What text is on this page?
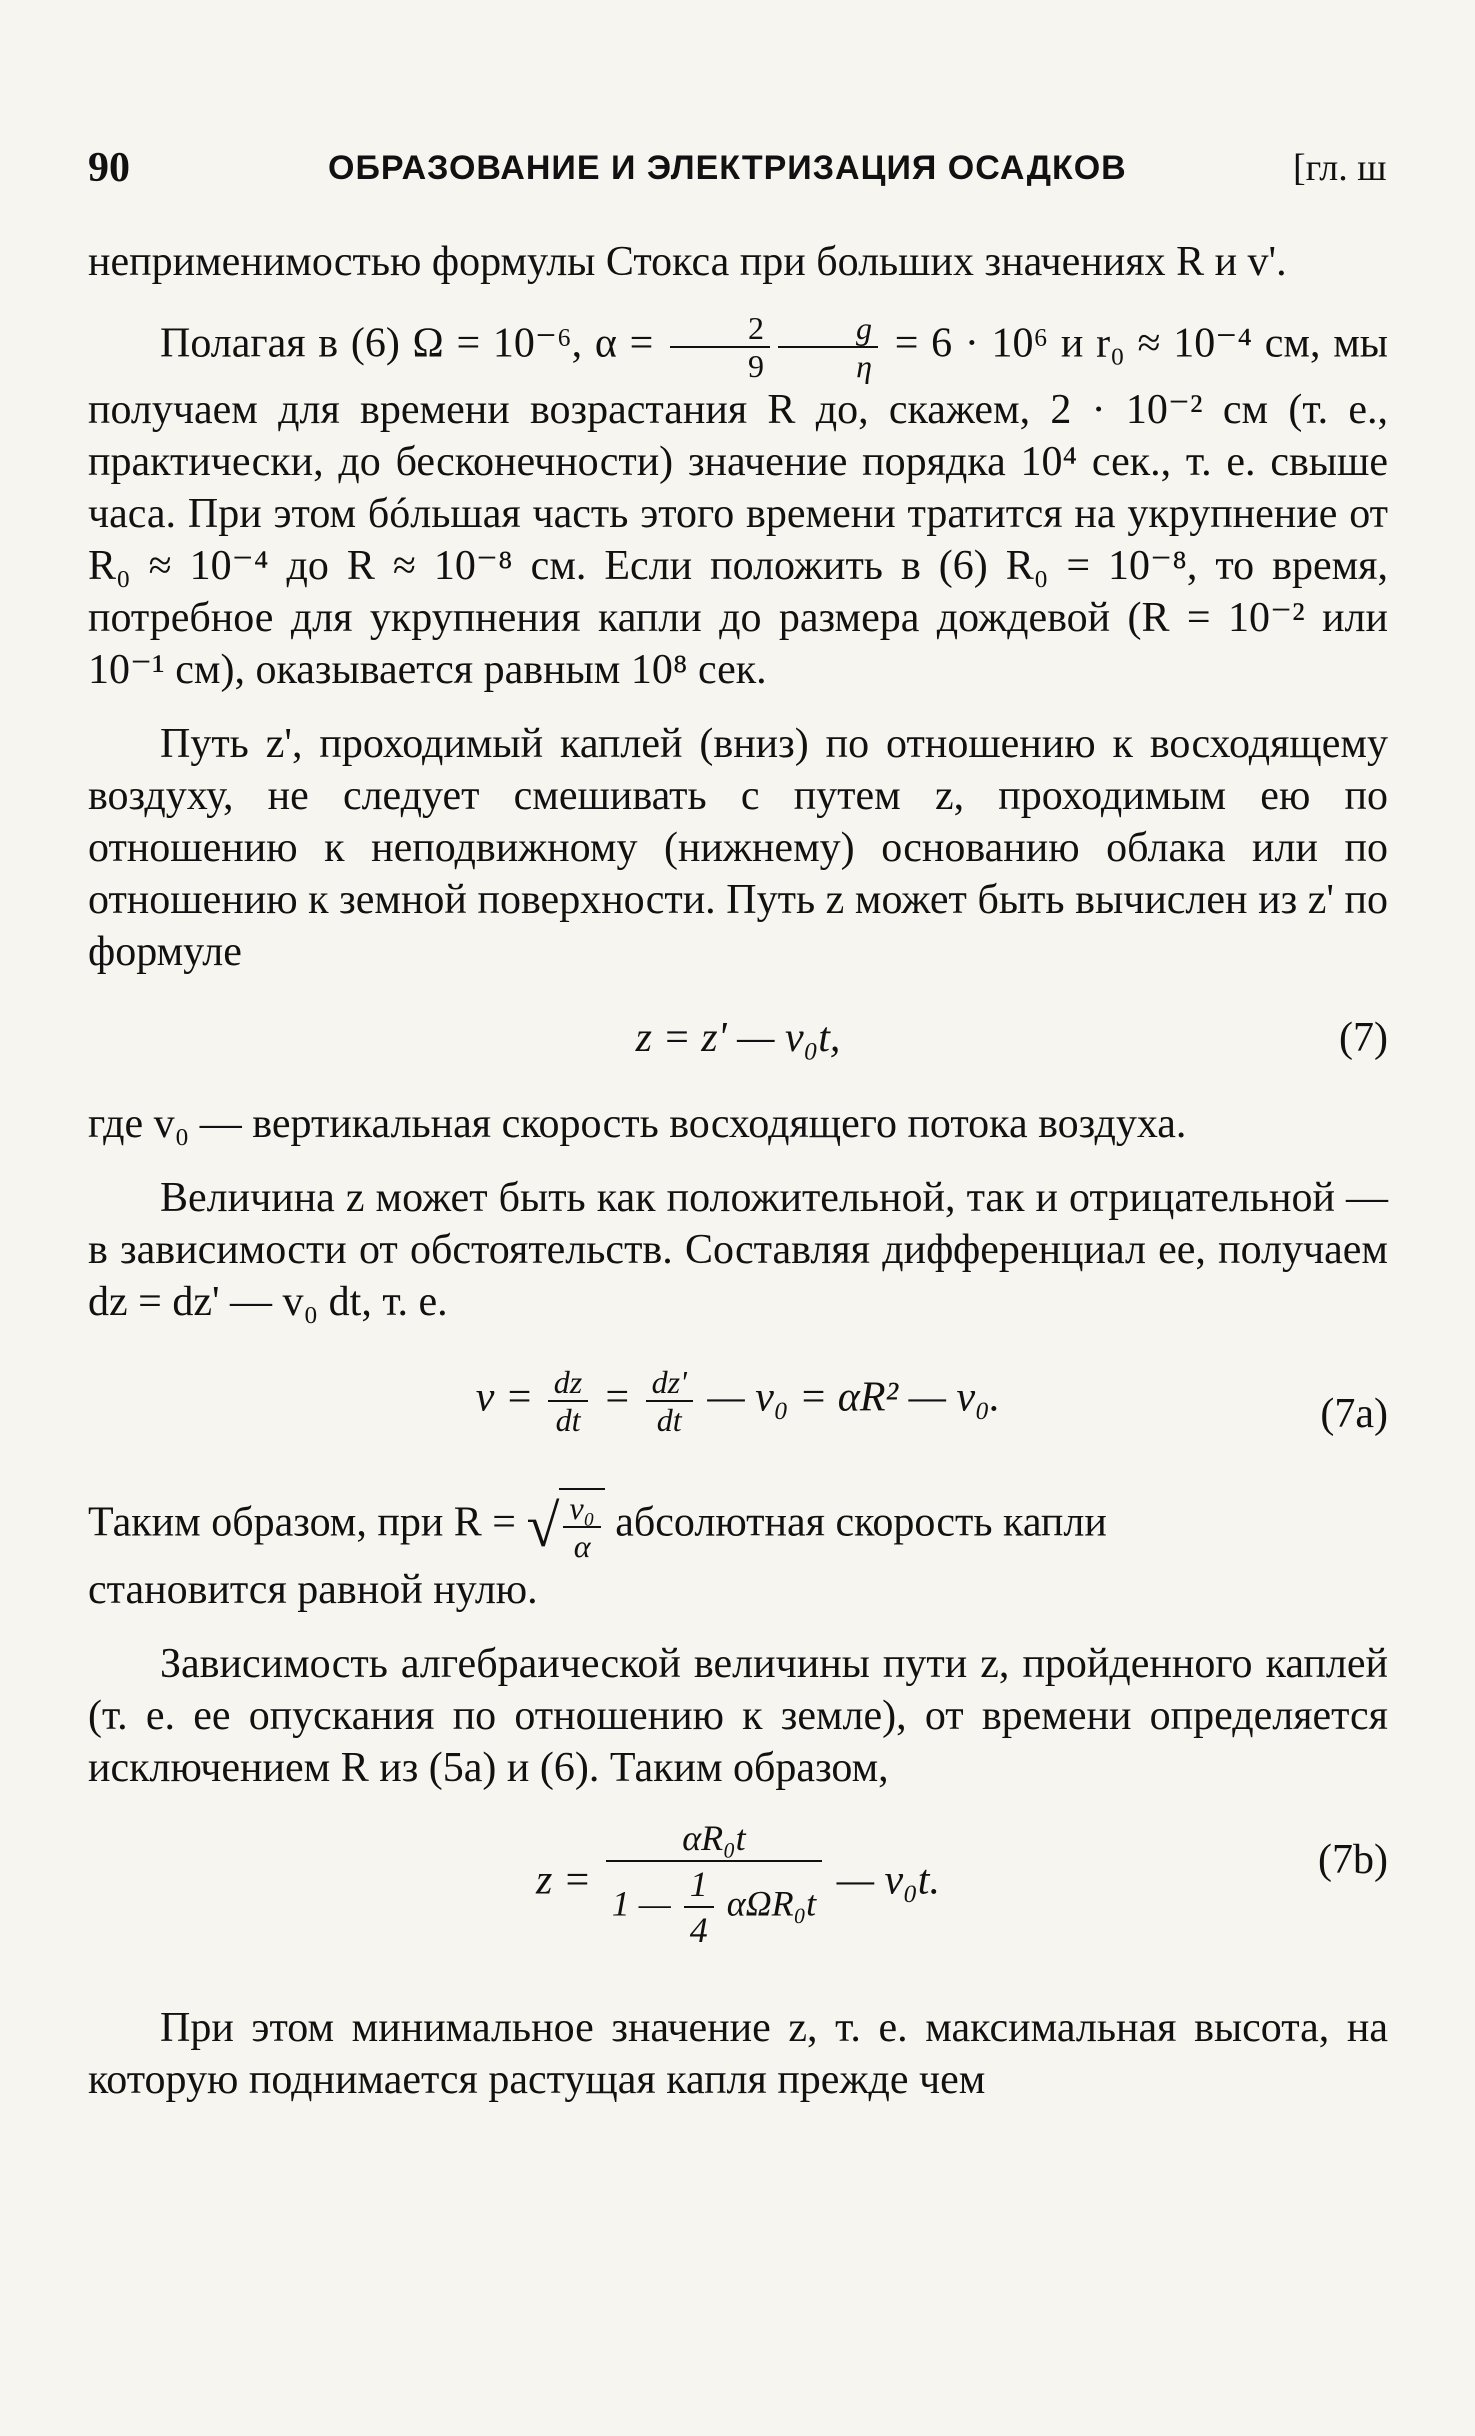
90	ОБРАЗОВАНИЕ И ЭЛЕКТРИЗАЦИЯ ОСАДКОВ	[гл. ш

неприменимостью формулы Стокса при больших значениях R и v'.

Полагая в (6) Ω = 10⁻⁶, $\alpha = \frac{2}{9} \frac{g}{\eta} = 6 \cdot 10^6$ и r₀ ≈ 10⁻⁴ см, мы получаем для времени возрастания R до, скажем, 2 · 10⁻² см (т. е., практически, до бесконечности) значение порядка 10⁴ сек., т. е. свыше часа. При этом бóльшая часть этого времени тратится на укрупнение от R₀ ≈ 10⁻⁴ до R ≈ 10⁻⁸ см. Если положить в (6) R₀ = 10⁻⁸, то время, потребное для укрупнения капли до размера дождевой (R = 10⁻² или 10⁻¹ см), оказывается равным 10⁸ сек.

Путь z', проходимый каплей (вниз) по отношению к восходящему воздуху, не следует смешивать с путем z, проходимым ею по отношению к неподвижному (нижнему) основанию облака или по отношению к земной поверхности. Путь z может быть вычислен из z' по формуле

z = z' — v₀t,	(7)

где v₀ — вертикальная скорость восходящего потока воздуха.

Величина z может быть как положительной, так и отрицательной — в зависимости от обстоятельств. Составляя дифференциал ее, получаем dz = dz' — v₀ dt, т. е.

$v = \frac{dz}{dt} = \frac{dz'}{dt}$ — v₀ = αR² — v₀.	(7а)

Таким образом, при R = √ $\frac{\text{v₀}}{\alpha}$ абсолютная скорость капли
становится равной нулю.

Зависимость алгебраической величины пути z, пройденного каплей (т. е. ее опускания по отношению к земле), от времени определяется исключением R из (5а) и (6). Таким образом,

$z = \frac{\text{αR₀t}}{1 — \frac{1}{4} \alpha\Omega R_0t}$ — v₀t.	(7b)

При этом минимальное значение z, т. е. максимальная высота, на которую поднимается растущая капля прежде чем
